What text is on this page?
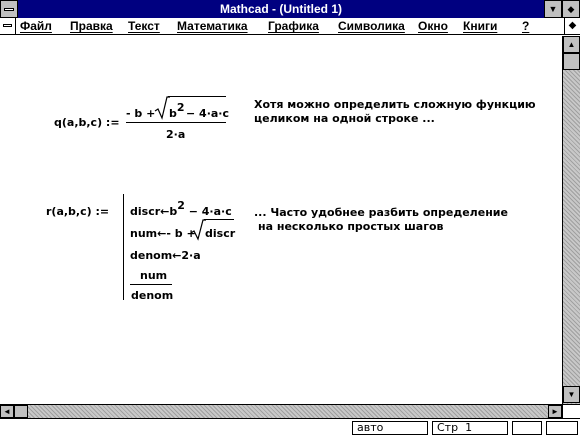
Mathcad - (Untitled 1)	▼	◆
Файл Правка Текст Математика Графика Символика Окно Книги ?	◆
q(a,b,c) :=
- $b + b^2 - 4\cdot a\cdot c$
2·a
Хотя можно определить сложную функцию
целиком на одной строке ...
r(a,b,c) := $discr\leftarrow b^2 - 4\cdot a\cdot c$
num←- b + discr
denom←2·a
num
denom
... Часто удобнее разбить определение
на несколько простых шагов
▲
▼
◄	►
авто	Стр 1
